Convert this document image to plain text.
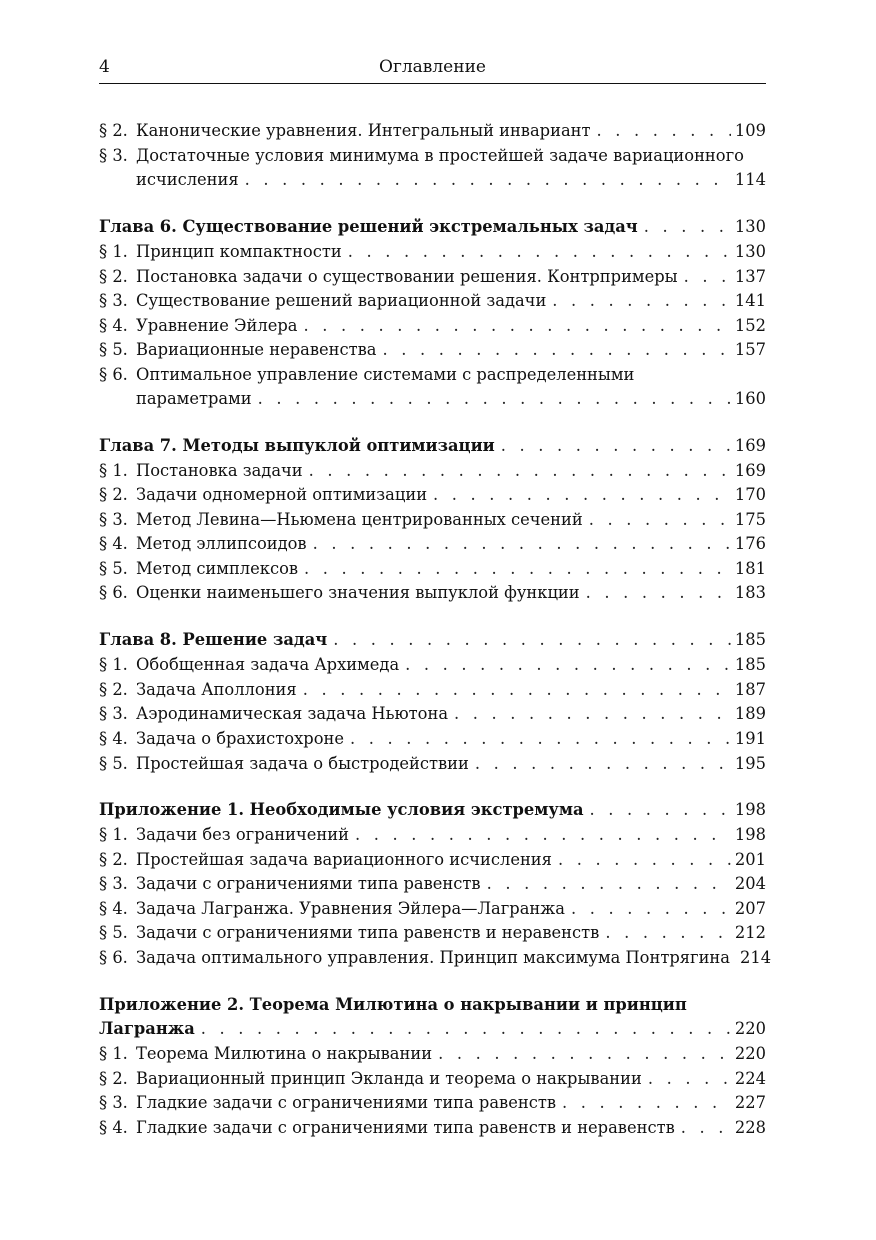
4	Оглавление
§ 2. Канонические уравнения. Интегральный инвариант . . .	109
§ 3. Достаточные условия минимума в простейшей задаче вариационного
исчисления . . .	114
Глава 6. Существование решений экстремальных задач . . .	130
§ 1. Принцип компактности . . .	130
§ 2. Постановка задачи о существовании решения. Контрпримеры . . .	137
§ 3. Существование решений вариационной задачи . . .	141
§ 4. Уравнение Эйлера . . .	152
§ 5. Вариационные неравенства . . .	157
§ 6. Оптимальное управление системами с распределенными
параметрами . . .	160
Глава 7. Методы выпуклой оптимизации . . .	169
§ 1. Постановка задачи . . .	169
§ 2. Задачи одномерной оптимизации . . .	170
§ 3. Метод Левина—Ньюмена центрированных сечений . . .	175
§ 4. Метод эллипсоидов . . .	176
§ 5. Метод симплексов . . .	181
§ 6. Оценки наименьшего значения выпуклой функции . . .	183
Глава 8. Решение задач . . .	185
§ 1. Обобщенная задача Архимеда . . .	185
§ 2. Задача Аполлония . . .	187
§ 3. Аэродинамическая задача Ньютона . . .	189
§ 4. Задача о брахистохроне . . .	191
§ 5. Простейшая задача о быстродействии . . .	195
Приложение 1. Необходимые условия экстремума . . .	198
§ 1. Задачи без ограничений . . .	198
§ 2. Простейшая задача вариационного исчисления . . .	201
§ 3. Задачи с ограничениями типа равенств . . .	204
§ 4. Задача Лагранжа. Уравнения Эйлера—Лагранжа . . .	207
§ 5. Задачи с ограничениями типа равенств и неравенств . . .	212
§ 6. Задача оптимального управления. Принцип максимума Понтрягина 214
Приложение 2. Теорема Милютина о накрывании и принцип
Лагранжа . . .	220
§ 1. Теорема Милютина о накрывании . . .	220
§ 2. Вариационный принцип Экланда и теорема о накрывании . . .	224
§ 3. Гладкие задачи с ограничениями типа равенств . . .	227
§ 4. Гладкие задачи с ограничениями типа равенств и неравенств . . .	228
